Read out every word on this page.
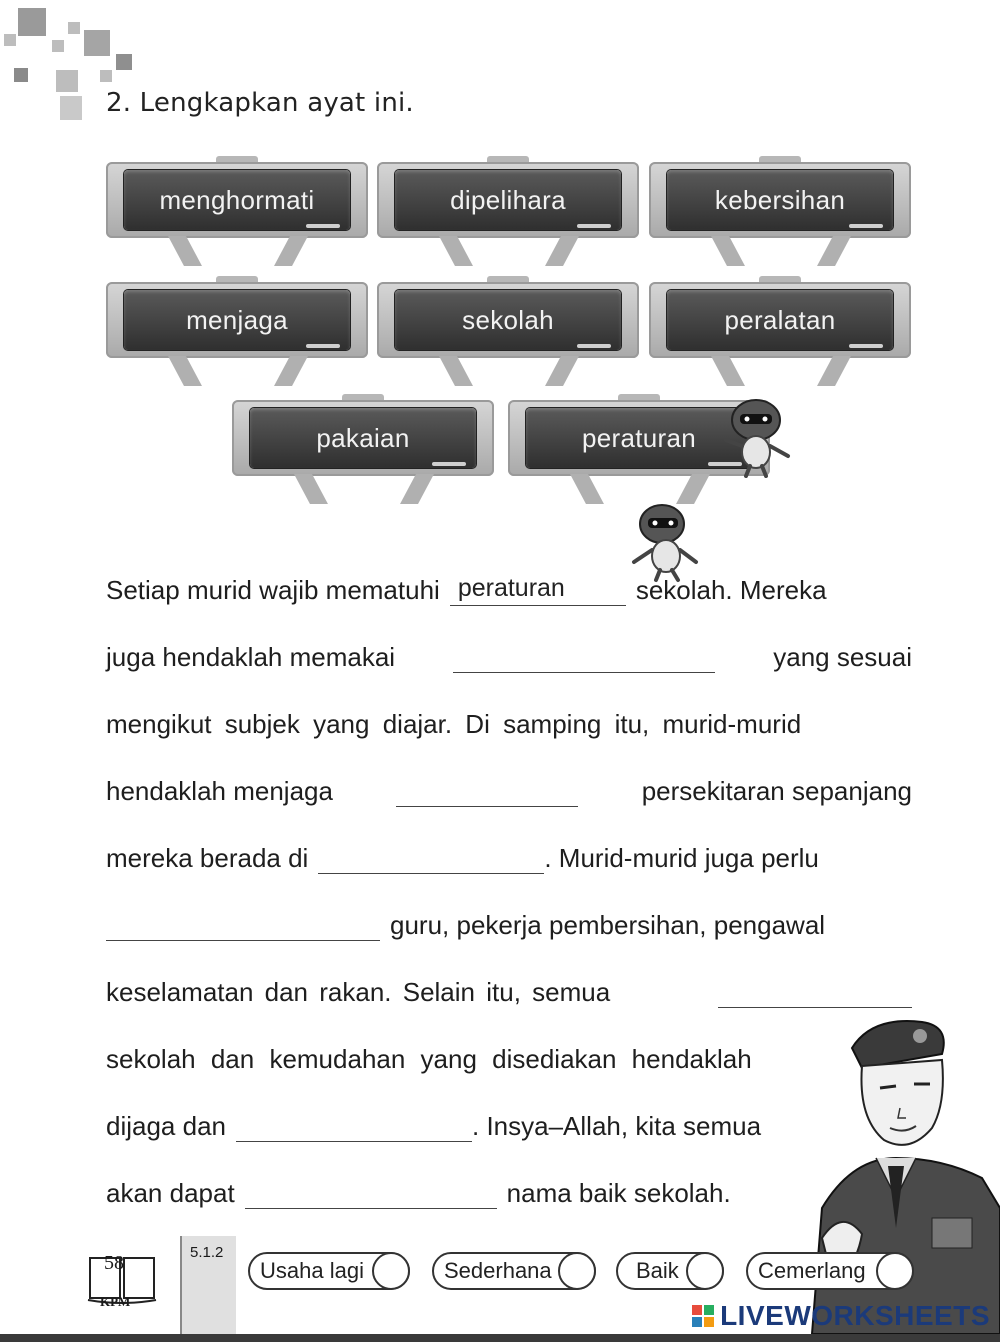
2. Lengkapkan ayat ini.
menghormati	dipelihara	kebersihan
menjaga	sekolah	peralatan
pakaian	peraturan
Setiap murid wajib mematuhi peraturan	sekolah. Mereka
juga hendaklah memakai	yang sesuai
mengikut subjek yang diajar. Di samping itu, murid-murid
hendaklah menjaga	persekitaran sepanjang
mereka berada di	. Murid-murid juga perlu
guru, pekerja pembersihan, pengawal
keselamatan dan rakan. Selain itu, semua
sekolah dan kemudahan yang disediakan hendaklah
dijaga dan	. Insya–Allah, kita semua
akan dapat	nama baik sekolah.
58
KPM
5.1.2
Usaha lagi	Sederhana	Baik	Cemerlang
LIVEWORKSHEETS
